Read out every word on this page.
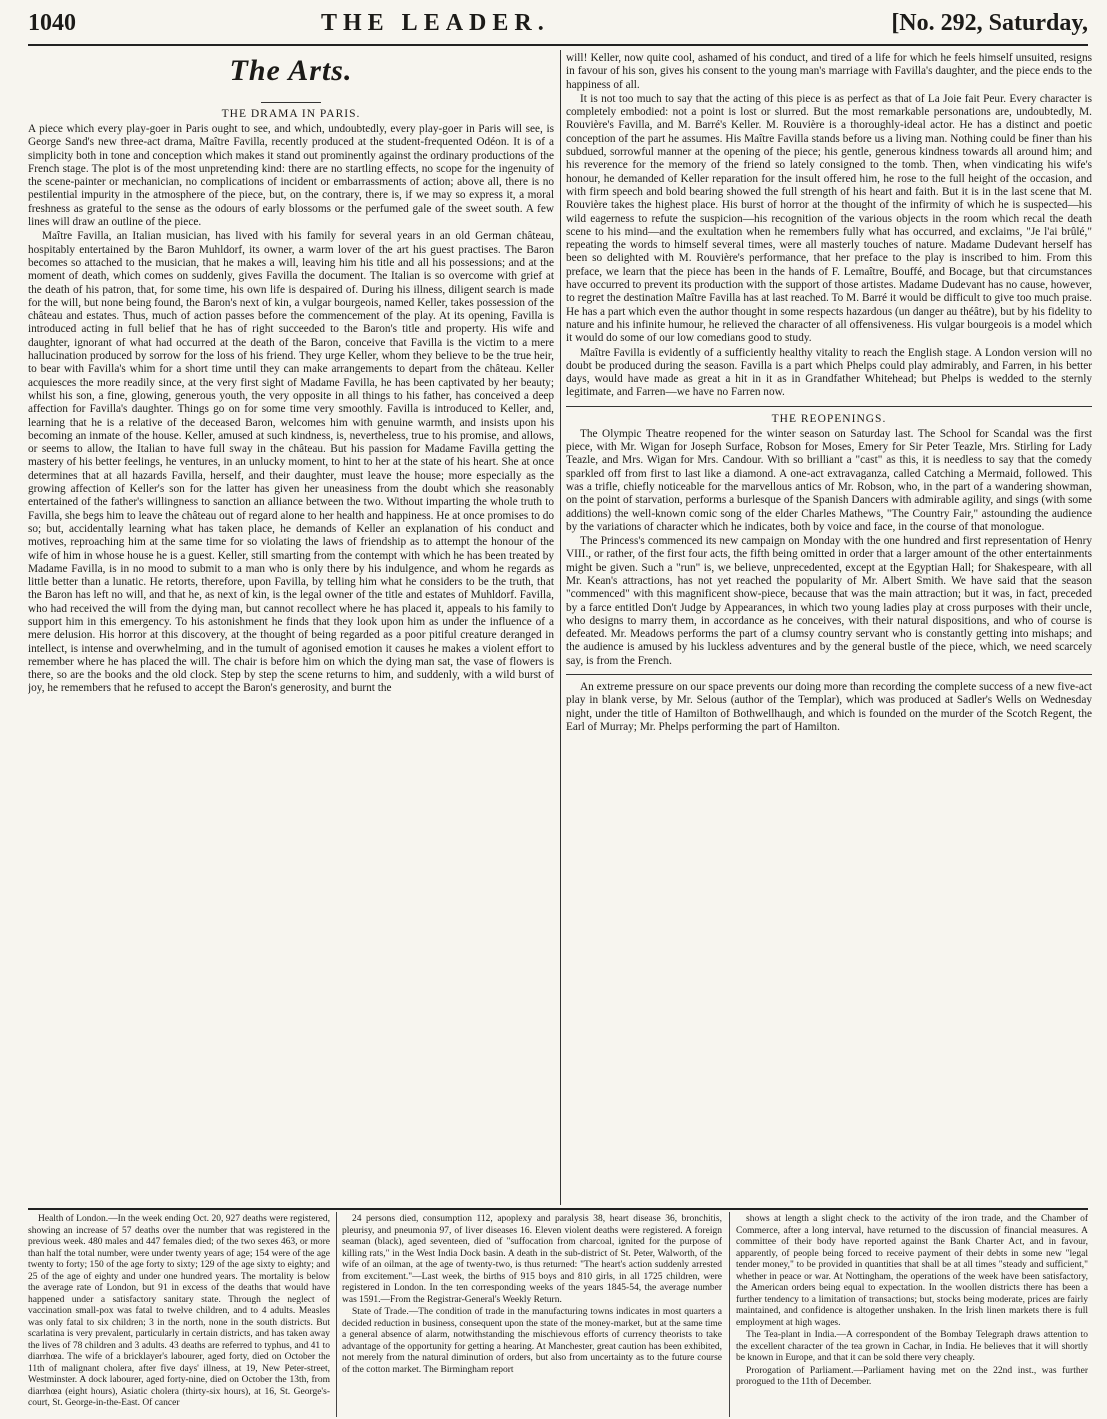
1040	THE LEADER.	[No. 292, Saturday,
The Arts.
THE DRAMA IN PARIS.

A piece which every play-goer in Paris ought to see, and which, undoubtedly, every play-goer in Paris will see, is George Sand's new three-act drama, Maître Favilla, recently produced at the student-frequented Odéon. It is of a simplicity both in tone and conception which makes it stand out prominently against the ordinary productions of the French stage. The plot is of the most unpretending kind: there are no startling effects, no scope for the ingenuity of the scene-painter or mechanician, no complications of incident or embarrassments of action; above all, there is no pestilential impurity in the atmosphere of the piece, but, on the contrary, there is, if we may so express it, a moral freshness as grateful to the sense as the odours of early blossoms or the perfumed gale of the sweet south. A few lines will draw an outline of the piece.

Maître Favilla, an Italian musician, has lived with his family for several years in an old German château, hospitably entertained by the Baron Muhldorf, its owner, a warm lover of the art his guest practises. The Baron becomes so attached to the musician, that he makes a will, leaving him his title and all his possessions; and at the moment of death, which comes on suddenly, gives Favilla the document. The Italian is so overcome with grief at the death of his patron, that, for some time, his own life is despaired of. During his illness, diligent search is made for the will, but none being found, the Baron's next of kin, a vulgar bourgeois, named Keller, takes possession of the château and estates. Thus, much of action passes before the commencement of the play. At its opening, Favilla is introduced acting in full belief that he has of right succeeded to the Baron's title and property. His wife and daughter, ignorant of what had occurred at the death of the Baron, conceive that Favilla is the victim to a mere hallucination produced by sorrow for the loss of his friend. They urge Keller, whom they believe to be the true heir, to bear with Favilla's whim for a short time until they can make arrangements to depart from the château. Keller acquiesces the more readily since, at the very first sight of Madame Favilla, he has been captivated by her beauty; whilst his son, a fine, glowing, generous youth, the very opposite in all things to his father, has conceived a deep affection for Favilla's daughter. Things go on for some time very smoothly. Favilla is introduced to Keller, and, learning that he is a relative of the deceased Baron, welcomes him with genuine warmth, and insists upon his becoming an inmate of the house. Keller, amused at such kindness, is, nevertheless, true to his promise, and allows, or seems to allow, the Italian to have full sway in the château. But his passion for Madame Favilla getting the mastery of his better feelings, he ventures, in an unlucky moment, to hint to her at the state of his heart. She at once determines that at all hazards Favilla, herself, and their daughter, must leave the house; more especially as the growing affection of Keller's son for the latter has given her uneasiness from the doubt which she reasonably entertained of the father's willingness to sanction an alliance between the two. Without imparting the whole truth to Favilla, she begs him to leave the château out of regard alone to her health and happiness. He at once promises to do so; but, accidentally learning what has taken place, he demands of Keller an explanation of his conduct and motives, reproaching him at the same time for so violating the laws of friendship as to attempt the honour of the wife of him in whose house he is a guest. Keller, still smarting from the contempt with which he has been treated by Madame Favilla, is in no mood to submit to a man who is only there by his indulgence, and whom he regards as little better than a lunatic. He retorts, therefore, upon Favilla, by telling him what he considers to be the truth, that the Baron has left no will, and that he, as next of kin, is the legal owner of the title and estates of Muhldorf. Favilla, who had received the will from the dying man, but cannot recollect where he has placed it, appeals to his family to support him in this emergency. To his astonishment he finds that they look upon him as under the influence of a mere delusion. His horror at this discovery, at the thought of being regarded as a poor pitiful creature deranged in intellect, is intense and overwhelming, and in the tumult of agonised emotion it causes he makes a violent effort to remember where he has placed the will. The chair is before him on which the dying man sat, the vase of flowers is there, so are the books and the old clock. Step by step the scene returns to him, and suddenly, with a wild burst of joy, he remembers that he refused to accept the Baron's generosity, and burnt the

will! Keller, now quite cool, ashamed of his conduct, and tired of a life for which he feels himself unsuited, resigns in favour of his son, gives his consent to the young man's marriage with Favilla's daughter, and the piece ends to the happiness of all.

It is not too much to say that the acting of this piece is as perfect as that of La Joie fait Peur. Every character is completely embodied: not a point is lost or slurred. But the most remarkable personations are, undoubtedly, M. Rouvière's Favilla, and M. Barré's Keller. M. Rouvière is a thoroughly-ideal actor. He has a distinct and poetic conception of the part he assumes. His Maître Favilla stands before us a living man. Nothing could be finer than his subdued, sorrowful manner at the opening of the piece; his gentle, generous kindness towards all around him; and his reverence for the memory of the friend so lately consigned to the tomb. Then, when vindicating his wife's honour, he demanded of Keller reparation for the insult offered him, he rose to the full height of the occasion, and with firm speech and bold bearing showed the full strength of his heart and faith. But it is in the last scene that M. Rouvière takes the highest place. His burst of horror at the thought of the infirmity of which he is suspected—his wild eagerness to refute the suspicion—his recognition of the various objects in the room which recal the death scene to his mind—and the exultation when he remembers fully what has occurred, and exclaims, "Je l'ai brûlé," repeating the words to himself several times, were all masterly touches of nature. Madame Dudevant herself has been so delighted with M. Rouvière's performance, that her preface to the play is inscribed to him. From this preface, we learn that the piece has been in the hands of F. Lemaître, Bouffé, and Bocage, but that circumstances have occurred to prevent its production with the support of those artistes. Madame Dudevant has no cause, however, to regret the destination Maître Favilla has at last reached. To M. Barré it would be difficult to give too much praise. He has a part which even the author thought in some respects hazardous (un danger au théâtre), but by his fidelity to nature and his infinite humour, he relieved the character of all offensiveness. His vulgar bourgeois is a model which it would do some of our low comedians good to study.

Maître Favilla is evidently of a sufficiently healthy vitality to reach the English stage. A London version will no doubt be produced during the season. Favilla is a part which Phelps could play admirably, and Farren, in his better days, would have made as great a hit in it as in Grandfather Whitehead; but Phelps is wedded to the sternly legitimate, and Farren—we have no Farren now.

THE REOPENINGS.

The Olympic Theatre reopened for the winter season on Saturday last. The School for Scandal was the first piece, with Mr. Wigan for Joseph Surface, Robson for Moses, Emery for Sir Peter Teazle, Mrs. Stirling for Lady Teazle, and Mrs. Wigan for Mrs. Candour. With so brilliant a "cast" as this, it is needless to say that the comedy sparkled off from first to last like a diamond. A one-act extravaganza, called Catching a Mermaid, followed. This was a trifle, chiefly noticeable for the marvellous antics of Mr. Robson, who, in the part of a wandering showman, on the point of starvation, performs a burlesque of the Spanish Dancers with admirable agility, and sings (with some additions) the well-known comic song of the elder Charles Mathews, "The Country Fair," astounding the audience by the variations of character which he indicates, both by voice and face, in the course of that monologue.

The Princess's commenced its new campaign on Monday with the one hundred and first representation of Henry VIII., or rather, of the first four acts, the fifth being omitted in order that a larger amount of the other entertainments might be given. Such a "run" is, we believe, unprecedented, except at the Egyptian Hall; for Shakespeare, with all Mr. Kean's attractions, has not yet reached the popularity of Mr. Albert Smith. We have said that the season "commenced" with this magnificent show-piece, because that was the main attraction; but it was, in fact, preceded by a farce entitled Don't Judge by Appearances, in which two young ladies play at cross purposes with their uncle, who designs to marry them, in accordance as he conceives, with their natural dispositions, and who of course is defeated. Mr. Meadows performs the part of a clumsy country servant who is constantly getting into mishaps; and the audience is amused by his luckless adventures and by the general bustle of the piece, which, we need scarcely say, is from the French.

An extreme pressure on our space prevents our doing more than recording the complete success of a new five-act play in blank verse, by Mr. Selous (author of the Templar), which was produced at Sadler's Wells on Wednesday night, under the title of Hamilton of Bothwellhaugh, and which is founded on the murder of the Scotch Regent, the Earl of Murray; Mr. Phelps performing the part of Hamilton.

Health of London.—In the week ending Oct. 20, 927 deaths were registered, showing an increase of 57 deaths over the number that was registered in the previous week. 480 males and 447 females died; of the two sexes 463, or more than half the total number, were under twenty years of age; 154 were of the age twenty to forty; 150 of the age forty to sixty; 129 of the age sixty to eighty; and 25 of the age of eighty and under one hundred years. The mortality is below the average rate of London, but 91 in excess of the deaths that would have happened under a satisfactory sanitary state. Through the neglect of vaccination small-pox was fatal to twelve children, and to 4 adults. Measles was only fatal to six children; 3 in the north, none in the south districts. But scarlatina is very prevalent, particularly in certain districts, and has taken away the lives of 78 children and 3 adults. 43 deaths are referred to typhus, and 41 to diarrhœa. The wife of a bricklayer's labourer, aged forty, died on October the 11th of malignant cholera, after five days' illness, at 19, New Peter-street, Westminster. A dock labourer, aged forty-nine, died on October the 13th, from diarrhœa (eight hours), Asiatic cholera (thirty-six hours), at 16, St. George's-court, St. George-in-the-East. Of cancer

24 persons died, consumption 112, apoplexy and paralysis 38, heart disease 36, bronchitis, pleurisy, and pneumonia 97, of liver diseases 16. Eleven violent deaths were registered. A foreign seaman (black), aged seventeen, died of "suffocation from charcoal, ignited for the purpose of killing rats," in the West India Dock basin. A death in the sub-district of St. Peter, Walworth, of the wife of an oilman, at the age of twenty-two, is thus returned: "The heart's action suddenly arrested from excitement."—Last week, the births of 915 boys and 810 girls, in all 1725 children, were registered in London. In the ten corresponding weeks of the years 1845-54, the average number was 1591.—From the Registrar-General's Weekly Return.

State of Trade.—The condition of trade in the manufacturing towns indicates in most quarters a decided reduction in business, consequent upon the state of the money-market, but at the same time a general absence of alarm, notwithstanding the mischievous efforts of currency theorists to take advantage of the opportunity for getting a hearing. At Manchester, great caution has been exhibited, not merely from the natural diminution of orders, but also from uncertainty as to the future course of the cotton market. The Birmingham report

shows at length a slight check to the activity of the iron trade, and the Chamber of Commerce, after a long interval, have returned to the discussion of financial measures. A committee of their body have reported against the Bank Charter Act, and in favour, apparently, of people being forced to receive payment of their debts in some new "legal tender money," to be provided in quantities that shall be at all times "steady and sufficient," whether in peace or war. At Nottingham, the operations of the week have been satisfactory, the American orders being equal to expectation. In the woollen districts there has been a further tendency to a limitation of transactions; but, stocks being moderate, prices are fairly maintained, and confidence is altogether unshaken. In the Irish linen markets there is full employment at high wages.

The Tea-plant in India.—A correspondent of the Bombay Telegraph draws attention to the excellent character of the tea grown in Cachar, in India. He believes that it will shortly be known in Europe, and that it can be sold there very cheaply.

Prorogation of Parliament.—Parliament having met on the 22nd inst., was further prorogued to the 11th of December.
